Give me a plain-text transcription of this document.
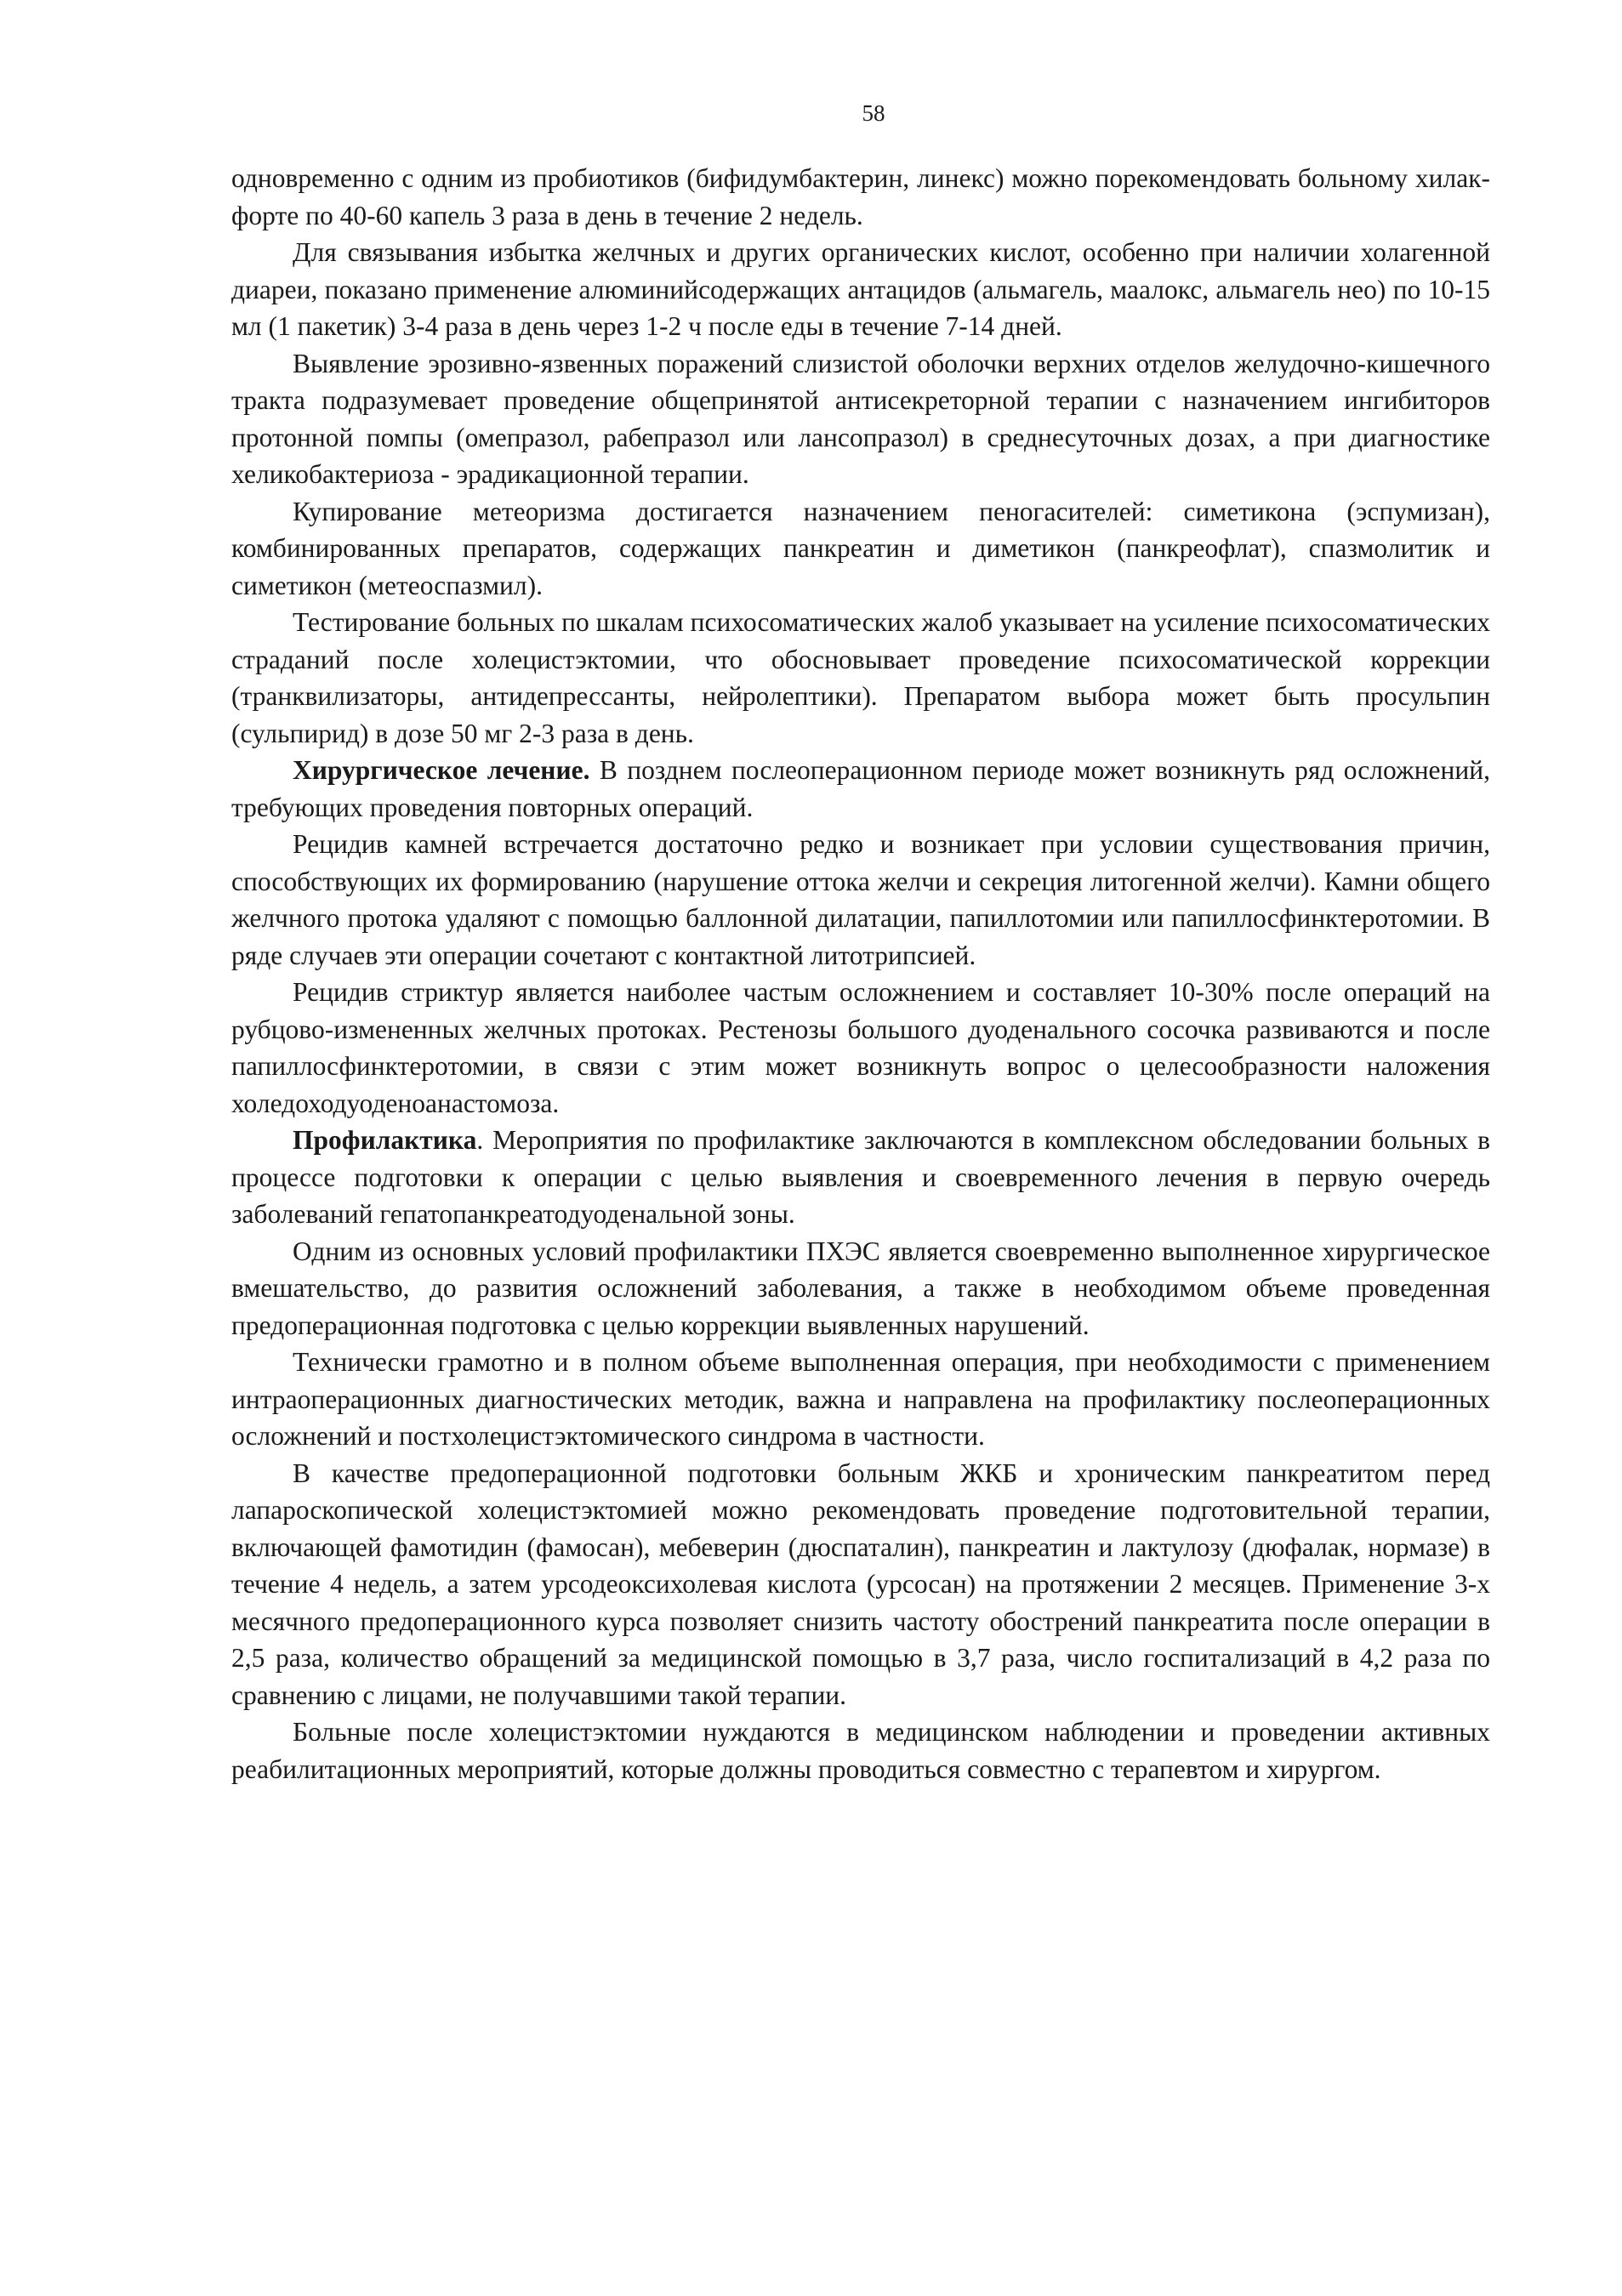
58

одновременно с одним из пробиотиков (бифидумбактерин, линекс) можно порекомендовать больному хилак-форте по 40-60 капель 3 раза в день в течение 2 недель.

Для связывания избытка желчных и других органических кислот, особенно при наличии холагенной диареи, показано применение алюминийсодержащих антацидов (альмагель, маалокс, альмагель нео) по 10-15 мл (1 пакетик) 3-4 раза в день через 1-2 ч после еды в течение 7-14 дней.

Выявление эрозивно-язвенных поражений слизистой оболочки верхних отделов желудочно-кишечного тракта подразумевает проведение общепринятой антисекреторной терапии с назначением ингибиторов протонной помпы (омепразол, рабепразол или лансопразол) в среднесуточных дозах, а при диагностике хеликобактериоза - эрадикационной терапии.

Купирование метеоризма достигается назначением пеногасителей: симетикона (эспумизан), комбинированных препаратов, содержащих панкреатин и диметикон (панкреофлат), спазмолитик и симетикон (метеоспазмил).

Тестирование больных по шкалам психосоматических жалоб указывает на усиление психосоматических страданий после холецистэктомии, что обосновывает проведение психосоматической коррекции (транквилизаторы, антидепрессанты, нейролептики). Препаратом выбора может быть просульпин (сульпирид) в дозе 50 мг 2-3 раза в день.

Хирургическое лечение. В позднем послеоперационном периоде может возникнуть ряд осложнений, требующих проведения повторных операций.

Рецидив камней встречается достаточно редко и возникает при условии существования причин, способствующих их формированию (нарушение оттока желчи и секреция литогенной желчи). Камни общего желчного протока удаляют с помощью баллонной дилатации, папиллотомии или папиллосфинктеротомии. В ряде случаев эти операции сочетают с контактной литотрипсией.

Рецидив стриктур является наиболее частым осложнением и составляет 10-30% после операций на рубцово-измененных желчных протоках. Рестенозы большого дуоденального сосочка развиваются и после папиллосфинктеротомии, в связи с этим может возникнуть вопрос о целесообразности наложения холедоходуоденоанастомоза.

Профилактика. Мероприятия по профилактике заключаются в комплексном обследовании больных в процессе подготовки к операции с целью выявления и своевременного лечения в первую очередь заболеваний гепатопанкреатодуоденальной зоны.

Одним из основных условий профилактики ПХЭС является своевременно выполненное хирургическое вмешательство, до развития осложнений заболевания, а также в необходимом объеме проведенная предоперационная подготовка с целью коррекции выявленных нарушений.

Технически грамотно и в полном объеме выполненная операция, при необходимости с применением интраоперационных диагностических методик, важна и направлена на профилактику послеоперационных осложнений и постхолецистэктомического синдрома в частности.

В качестве предоперационной подготовки больным ЖКБ и хроническим панкреатитом перед лапароскопической холецистэктомией можно рекомендовать проведение подготовительной терапии, включающей фамотидин (фамосан), мебеверин (дюспаталин), панкреатин и лактулозу (дюфалак, нормазе) в течение 4 недель, а затем урсодеоксихолевая кислота (урсосан) на протяжении 2 месяцев. Применение 3-х месячного предоперационного курса позволяет снизить частоту обострений панкреатита после операции в 2,5 раза, количество обращений за медицинской помощью в 3,7 раза, число госпитализаций в 4,2 раза по сравнению с лицами, не получавшими такой терапии.

Больные после холецистэктомии нуждаются в медицинском наблюдении и проведении активных реабилитационных мероприятий, которые должны проводиться совместно с терапевтом и хирургом.
